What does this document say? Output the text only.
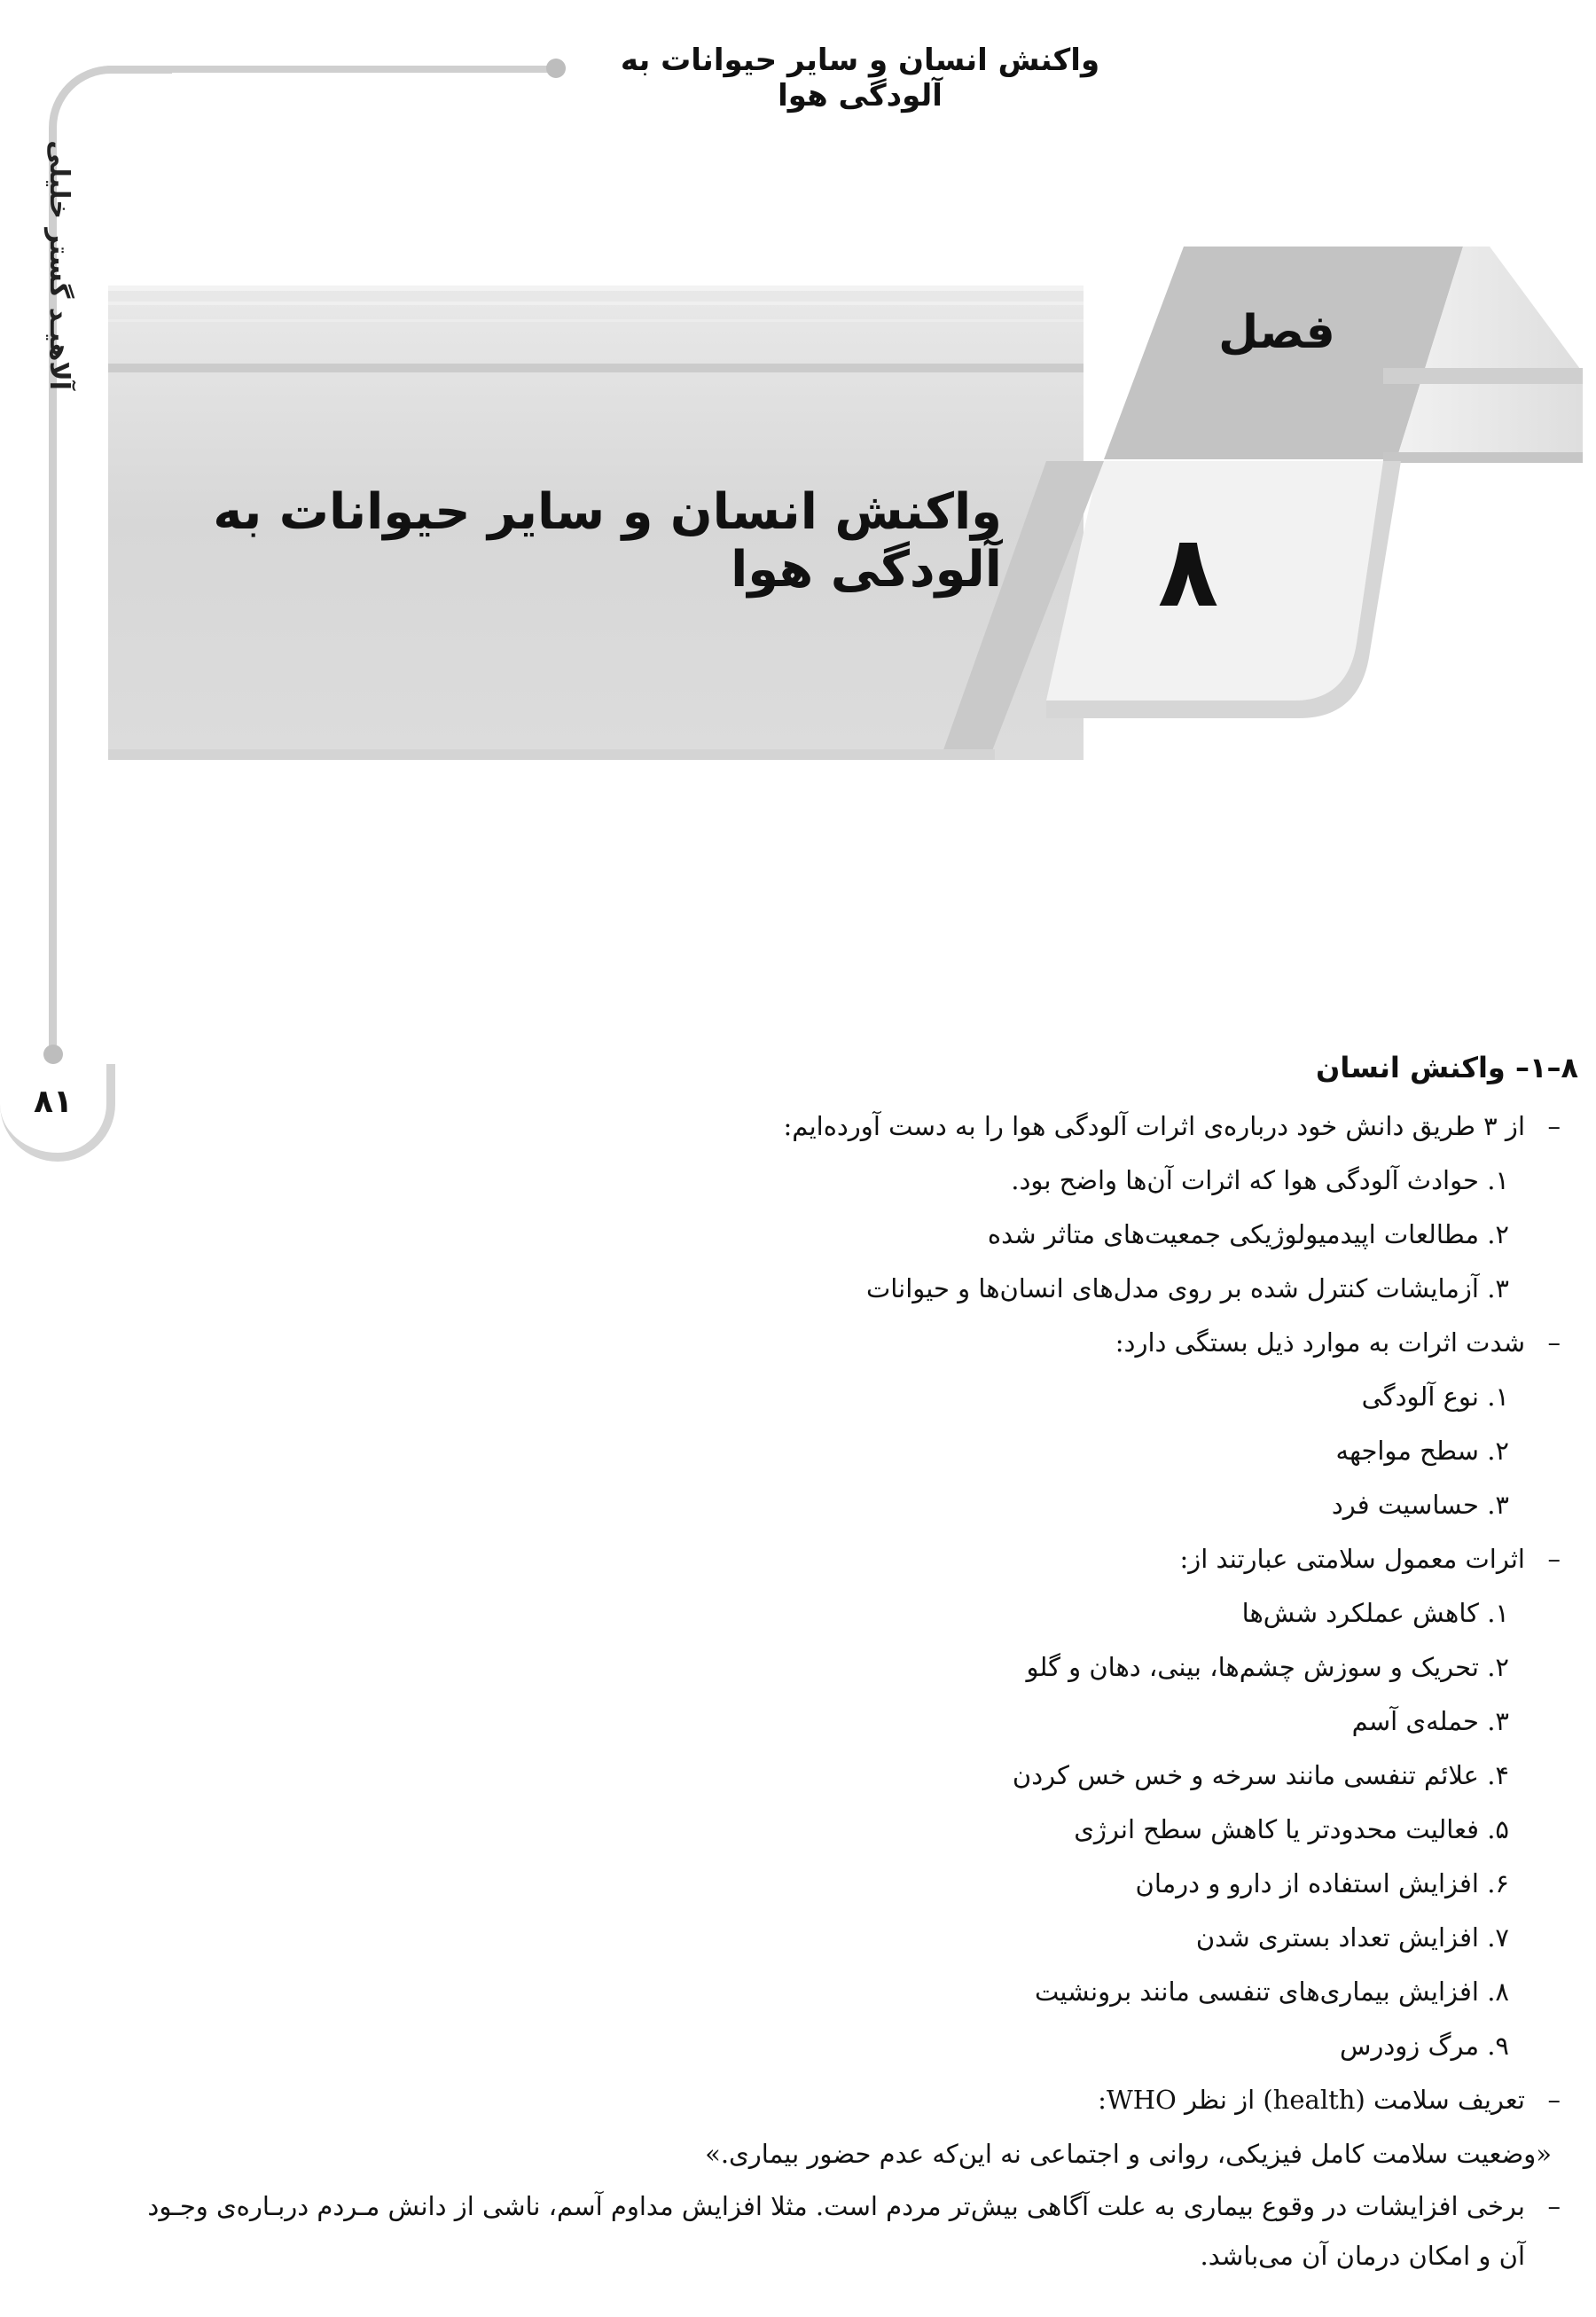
واکنش انسان و سایر حیوانات به آلودگی هوا
آلاهیـد گستر خلیلی
۸۱
فصل
۸
واکنش انسان و سایر حیوانات به آلودگی هوا
۸–۱– واکنش انسان
–از ۳ طریق دانش خود دربارەی اثرات آلودگی هوا را به دست آوردەایم:
۱. حوادث آلودگی هوا که اثرات آن‌ها واضح بود.
۲. مطالعات اپیدمیولوژیکی جمعیت‌های متاثر شده
۳. آزمایشات کنترل شده بر روی مدل‌های انسان‌ها و حیوانات
–شدت اثرات به موارد ذیل بستگی دارد:
۱. نوع آلودگی
۲. سطح مواجهه
۳. حساسیت فرد
–اثرات معمول سلامتی عبارتند از:
۱. کاهش عملکرد شش‌ها
۲. تحریک و سوزش چشم‌ها، بینی، دهان و گلو
۳. حمله‌ی آسم
۴. علائم تنفسی مانند سرخه و خس خس کردن
۵. فعالیت محدودتر یا کاهش سطح انرژی
۶. افزایش استفاده از دارو و درمان
۷. افزایش تعداد بستری شدن
۸. افزایش بیماری‌های تنفسی مانند برونشیت
۹. مرگ زودرس
–تعریف سلامت (health) از نظر WHO:
«وضعیت سلامت کامل فیزیکی، روانی و اجتماعی نه این‌که عدم حضور بیماری.»
–برخی افزایشات در وقوع بیماری به علت آگاهی بیش‌تر مردم است. مثلا افزایش مداوم آسم، ناشی از دانش مـردم دربـاره‌ی وجـود
آن و امکان درمان آن می‌باشد.
